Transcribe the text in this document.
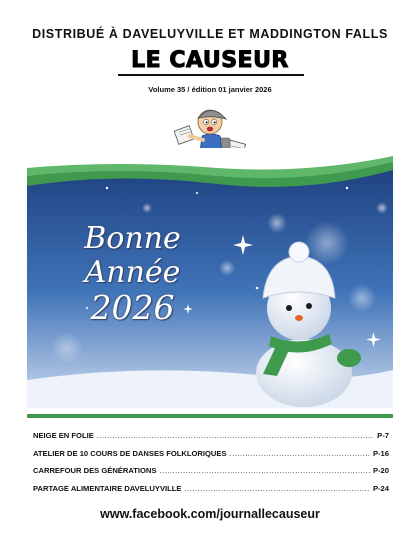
DISTRIBUÉ À DAVELUYVILLE ET MADDINGTON FALLS
LE CAUSEUR
Volume 35 / édition 01 janvier 2026
Bonne Année
2026
NEIGE EN FOLIE .....	P-7
ATELIER DE 10 COURS DE DANSES FOLKLORIQUES .....	P-16
CARREFOUR DES GÉNÉRATIONS .....	P-20
PARTAGE ALIMENTAIRE DAVELUYVILLE .....	P-24
www.facebook.com/journallecauseur
